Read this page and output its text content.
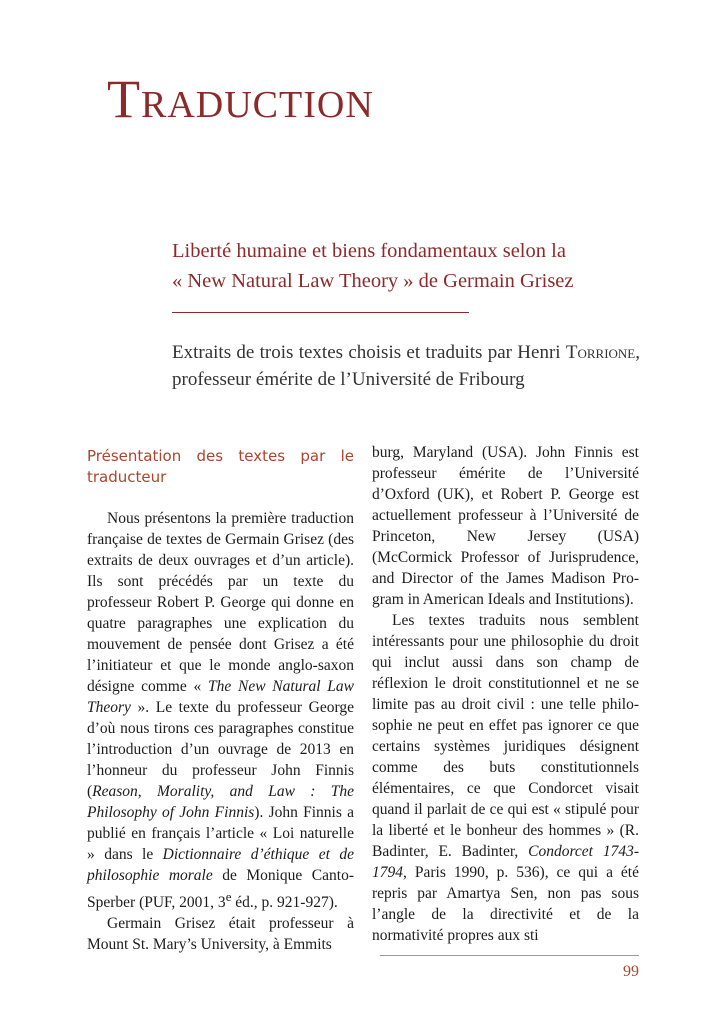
Traduction
Liberté humaine et biens fondamentaux selon la
« New Natural Law Theory » de Germain Grisez

Extraits de trois textes choisis et traduits par Henri Torrione, professeur émérite de l’Université de Fribourg

Présentation des textes par le traducteur

Nous présentons la première traduction française de textes de Germain Grisez (des extraits de deux ouvrages et d’un article). Ils sont précédés par un texte du professeur Robert P. George qui donne en quatre paragraphes une explication du mouvement de pensée dont Grisez a été l’initiateur et que le monde anglo-saxon désigne comme « The New Natural Law Theory ». Le texte du professeur George d’où nous tirons ces paragraphes constitue l’introduction d’un ouvrage de 2013 en l’honneur du professeur John Finnis (Reason, Morality, and Law : The Philosophy of John Finnis). John Finnis a publié en français l’article « Loi naturelle » dans le Dictionnaire d’éthique et de philosophie morale de Monique Canto-Sperber (PUF, 2001, 3e éd., p. 921-927).

Germain Grisez était professeur à Mount St. Mary’s University, à Emmits

burg, Maryland (USA). John Finnis est professeur émérite de l’Université d’Oxford (UK), et Robert P. George est actuellement professeur à l’Université de Princeton, New Jersey (USA) (McCormick Professor of Jurisprudence, and Director of the James Madison Program in American Ideals and Institutions).

Les textes traduits nous semblent intéressants pour une philosophie du droit qui inclut aussi dans son champ de réflexion le droit constitutionnel et ne se limite pas au droit civil : une telle philosophie ne peut en effet pas ignorer ce que certains systèmes juridiques désignent comme des buts constitutionnels élémentaires, ce que Condorcet visait quand il parlait de ce qui est « stipulé pour la liberté et le bonheur des hommes » (R. Badinter, E. Badinter, Condorcet 1743-1794, Paris 1990, p. 536), ce qui a été repris par Amartya Sen, non pas sous l’angle de la directivité et de la normativité propres aux sti

99
